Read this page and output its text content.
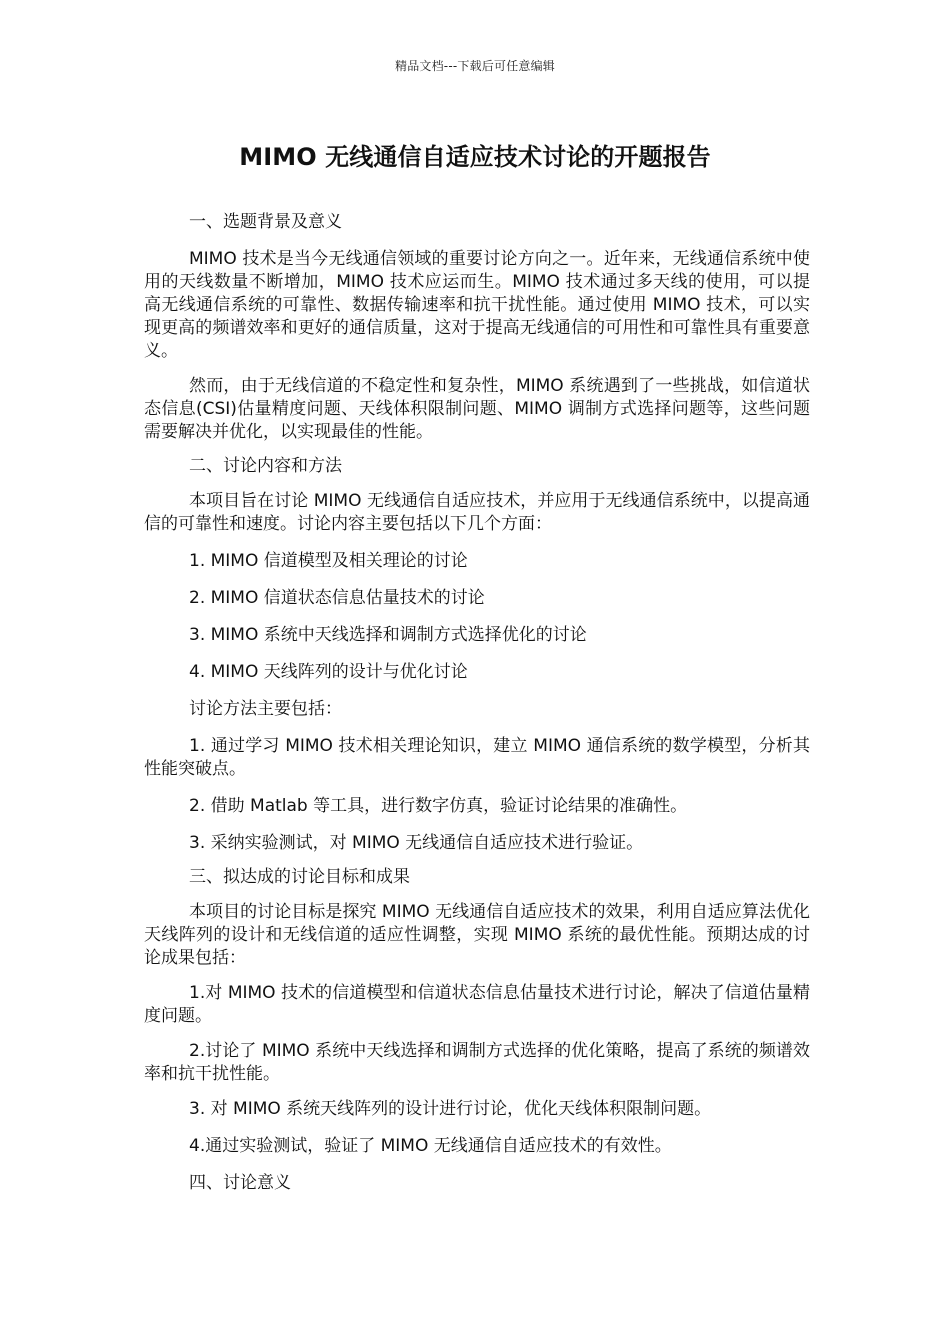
精品文档---下载后可任意编辑
MIMO 无线通信自适应技术讨论的开题报告

一、选题背景及意义

MIMO 技术是当今无线通信领域的重要讨论方向之一。近年来，无线通信系统中使用的天线数量不断增加，MIMO 技术应运而生。MIMO 技术通过多天线的使用，可以提高无线通信系统的可靠性、数据传输速率和抗干扰性能。通过使用 MIMO 技术，可以实现更高的频谱效率和更好的通信质量，这对于提高无线通信的可用性和可靠性具有重要意义。

然而，由于无线信道的不稳定性和复杂性，MIMO 系统遇到了一些挑战，如信道状态信息(CSI)估量精度问题、天线体积限制问题、MIMO 调制方式选择问题等，这些问题需要解决并优化，以实现最佳的性能。

二、讨论内容和方法

本项目旨在讨论 MIMO 无线通信自适应技术，并应用于无线通信系统中，以提高通信的可靠性和速度。讨论内容主要包括以下几个方面：

1. MIMO 信道模型及相关理论的讨论

2. MIMO 信道状态信息估量技术的讨论

3. MIMO 系统中天线选择和调制方式选择优化的讨论

4. MIMO 天线阵列的设计与优化讨论

讨论方法主要包括：

1. 通过学习 MIMO 技术相关理论知识，建立 MIMO 通信系统的数学模型，分析其性能突破点。

2. 借助 Matlab 等工具，进行数字仿真，验证讨论结果的准确性。

3. 采纳实验测试，对 MIMO 无线通信自适应技术进行验证。

三、拟达成的讨论目标和成果

本项目的讨论目标是探究 MIMO 无线通信自适应技术的效果，利用自适应算法优化天线阵列的设计和无线信道的适应性调整，实现 MIMO 系统的最优性能。预期达成的讨论成果包括：

1.对 MIMO 技术的信道模型和信道状态信息估量技术进行讨论，解决了信道估量精度问题。

2.讨论了 MIMO 系统中天线选择和调制方式选择的优化策略，提高了系统的频谱效率和抗干扰性能。

3. 对 MIMO 系统天线阵列的设计进行讨论，优化天线体积限制问题。

4.通过实验测试，验证了 MIMO 无线通信自适应技术的有效性。

四、讨论意义
